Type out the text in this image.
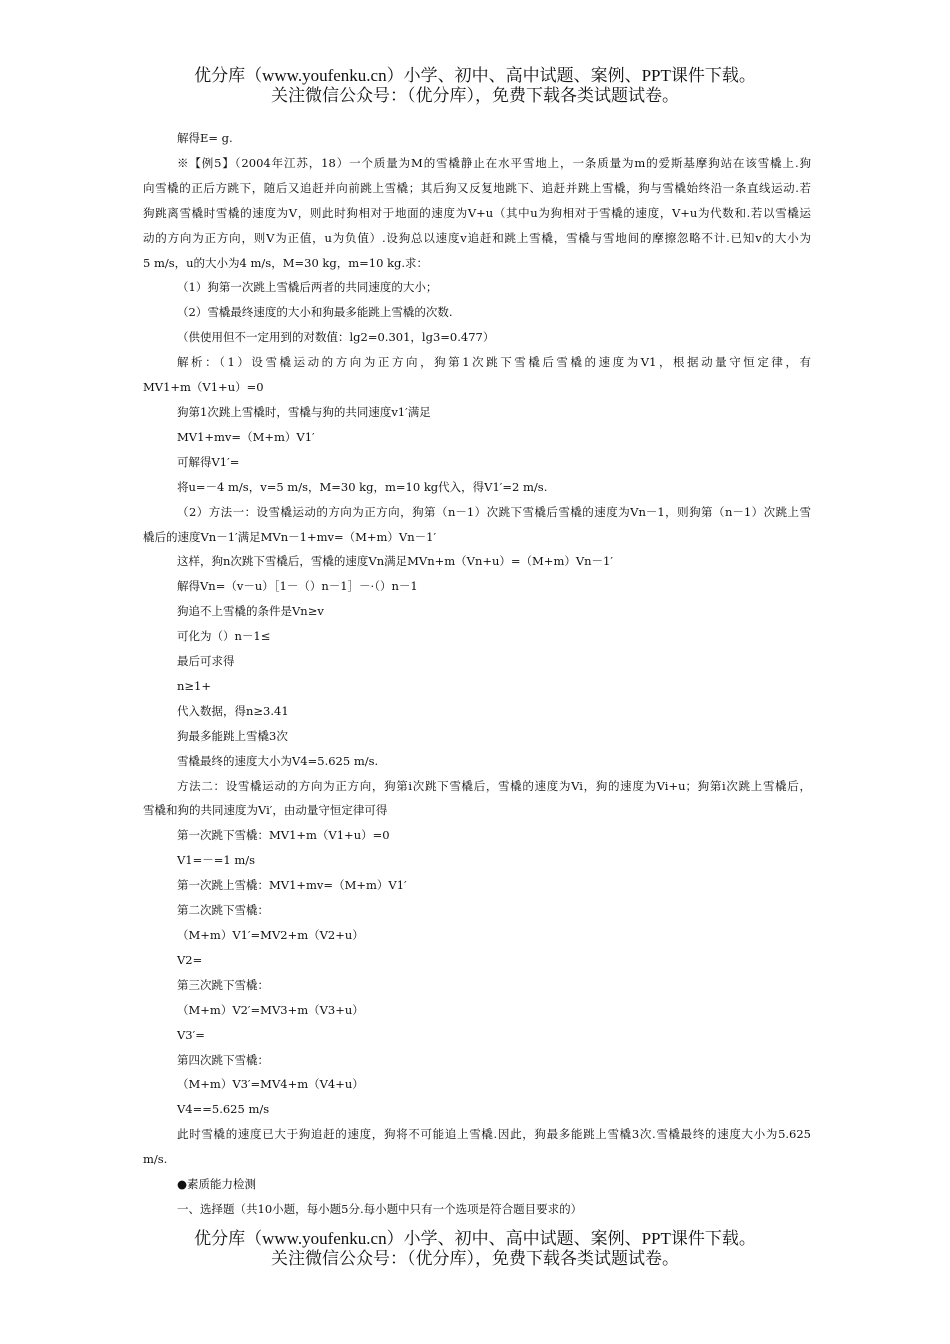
优分库（www.youfenku.cn）小学、初中、高中试题、案例、PPT课件下载。
关注微信公众号：（优分库），免费下载各类试题试卷。

解得E= g.

※【例5】（2004年江苏，18）一个质量为M的雪橇静止在水平雪地上，一条质量为m的爱斯基摩狗站在该雪橇上.狗

向雪橇的正后方跳下，随后又追赶并向前跳上雪橇；其后狗又反复地跳下、追赶并跳上雪橇，狗与雪橇始终沿一条直线运动.若

狗跳离雪橇时雪橇的速度为V，则此时狗相对于地面的速度为V+u（其中u为狗相对于雪橇的速度，V+u为代数和.若以雪橇运

动的方向为正方向，则V为正值，u为负值）.设狗总以速度v追赶和跳上雪橇，雪橇与雪地间的摩擦忽略不计.已知v的大小为

5 m/s，u的大小为4 m/s，M=30 kg，m=10 kg.求：

（1）狗第一次跳上雪橇后两者的共同速度的大小；

（2）雪橇最终速度的大小和狗最多能跳上雪橇的次数.

（供使用但不一定用到的对数值：lg2=0.301，lg3=0.477）

解析：（1）设雪橇运动的方向为正方向，狗第1次跳下雪橇后雪橇的速度为V1，根据动量守恒定律，有

MV1+m（V1+u）=0

狗第1次跳上雪橇时，雪橇与狗的共同速度v1′满足

MV1+mv=（M+m）V1′

可解得V1′=

将u=－4 m/s，v=5 m/s，M=30 kg，m=10 kg代入，得V1′=2 m/s.

（2）方法一：设雪橇运动的方向为正方向，狗第（n－1）次跳下雪橇后雪橇的速度为Vn－1，则狗第（n－1）次跳上雪

橇后的速度Vn－1′满足MVn－1+mv=（M+m）Vn－1′

这样，狗n次跳下雪橇后，雪橇的速度Vn满足MVn+m（Vn+u）=（M+m）Vn－1′

解得Vn=（v－u）［1－（）n－1］－·（）n－1

狗追不上雪橇的条件是Vn≥v

可化为（）n－1≤

最后可求得

n≥1+

代入数据，得n≥3.41

狗最多能跳上雪橇3次

雪橇最终的速度大小为V4=5.625 m/s.

方法二：设雪橇运动的方向为正方向，狗第i次跳下雪橇后，雪橇的速度为Vi，狗的速度为Vi+u；狗第i次跳上雪橇后，

雪橇和狗的共同速度为Vi′，由动量守恒定律可得

第一次跳下雪橇：MV1+m（V1+u）=0

V1=－=1 m/s

第一次跳上雪橇：MV1+mv=（M+m）V1′

第二次跳下雪橇：

（M+m）V1′=MV2+m（V2+u）

V2=

第三次跳下雪橇：

（M+m）V2′=MV3+m（V3+u）

V3′=

第四次跳下雪橇：

（M+m）V3′=MV4+m（V4+u）

V4==5.625 m/s

此时雪橇的速度已大于狗追赶的速度，狗将不可能追上雪橇.因此，狗最多能跳上雪橇3次.雪橇最终的速度大小为5.625

m/s.

●素质能力检测

一、选择题（共10小题，每小题5分.每小题中只有一个选项是符合题目要求的）

优分库（www.youfenku.cn）小学、初中、高中试题、案例、PPT课件下载。
关注微信公众号：（优分库），免费下载各类试题试卷。
